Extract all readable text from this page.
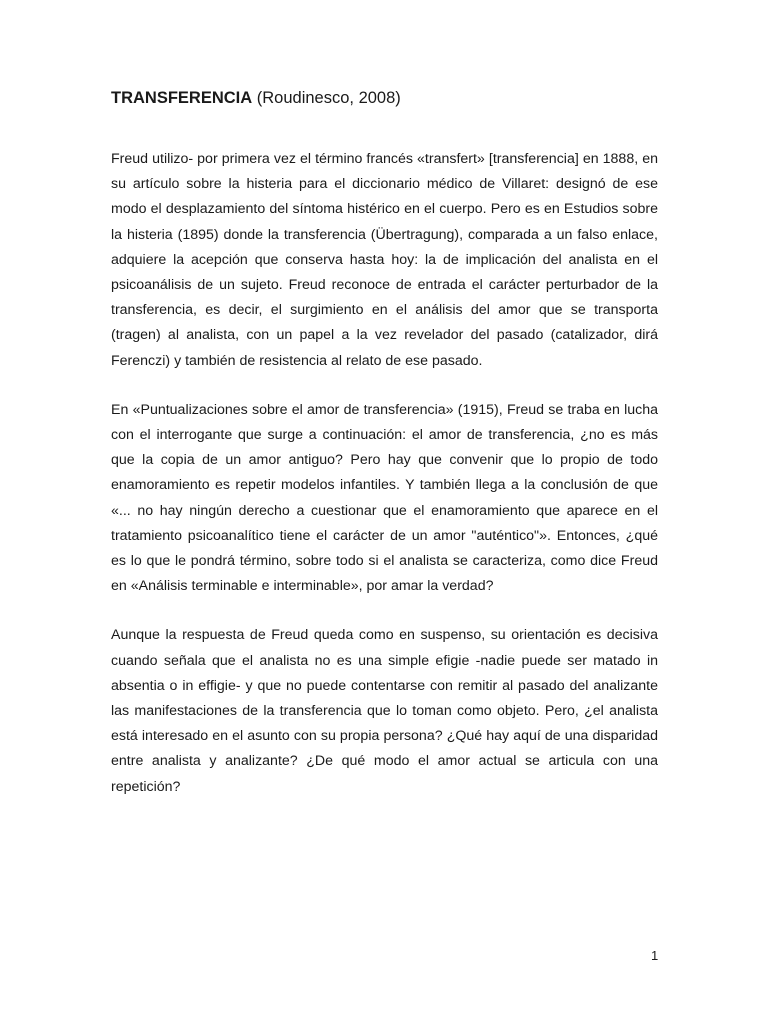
TRANSFERENCIA (Roudinesco, 2008)

Freud utilizo- por primera vez el término francés «transfert» [transferencia] en 1888, en su artículo sobre la histeria para el diccionario médico de Villaret: designó de ese modo el desplazamiento del síntoma histérico en el cuerpo. Pero es en Estudios sobre la histeria (1895) donde la transferencia (Übertragung), comparada a un falso enlace, adquiere la acepción que conserva hasta hoy: la de implicación del analista en el psicoanálisis de un sujeto. Freud reconoce de entrada el carácter perturbador de la transferencia, es decir, el surgimiento en el análisis del amor que se transporta (tragen) al analista, con un papel a la vez revelador del pasado (catalizador, dirá Ferenczi) y también de resistencia al relato de ese pasado.

En «Puntualizaciones sobre el amor de transferencia» (1915), Freud se traba en lucha con el interrogante que surge a continuación: el amor de transferencia, ¿no es más que la copia de un amor antiguo? Pero hay que convenir que lo propio de todo enamoramiento es repetir modelos infantiles. Y también llega a la conclusión de que «... no hay ningún derecho a cuestionar que el enamoramiento que aparece en el tratamiento psicoanalítico tiene el carácter de un amor "auténtico"». Entonces, ¿qué es lo que le pondrá término, sobre todo si el analista se caracteriza, como dice Freud en «Análisis terminable e interminable», por amar la verdad?

Aunque la respuesta de Freud queda como en suspenso, su orientación es decisiva cuando señala que el analista no es una simple efigie -nadie puede ser matado in absentia o in effigie- y que no puede contentarse con remitir al pasado del analizante las manifestaciones de la transferencia que lo toman como objeto. Pero, ¿el analista está interesado en el asunto con su propia persona? ¿Qué hay aquí de una disparidad entre analista y analizante? ¿De qué modo el amor actual se articula con una repetición?

1
